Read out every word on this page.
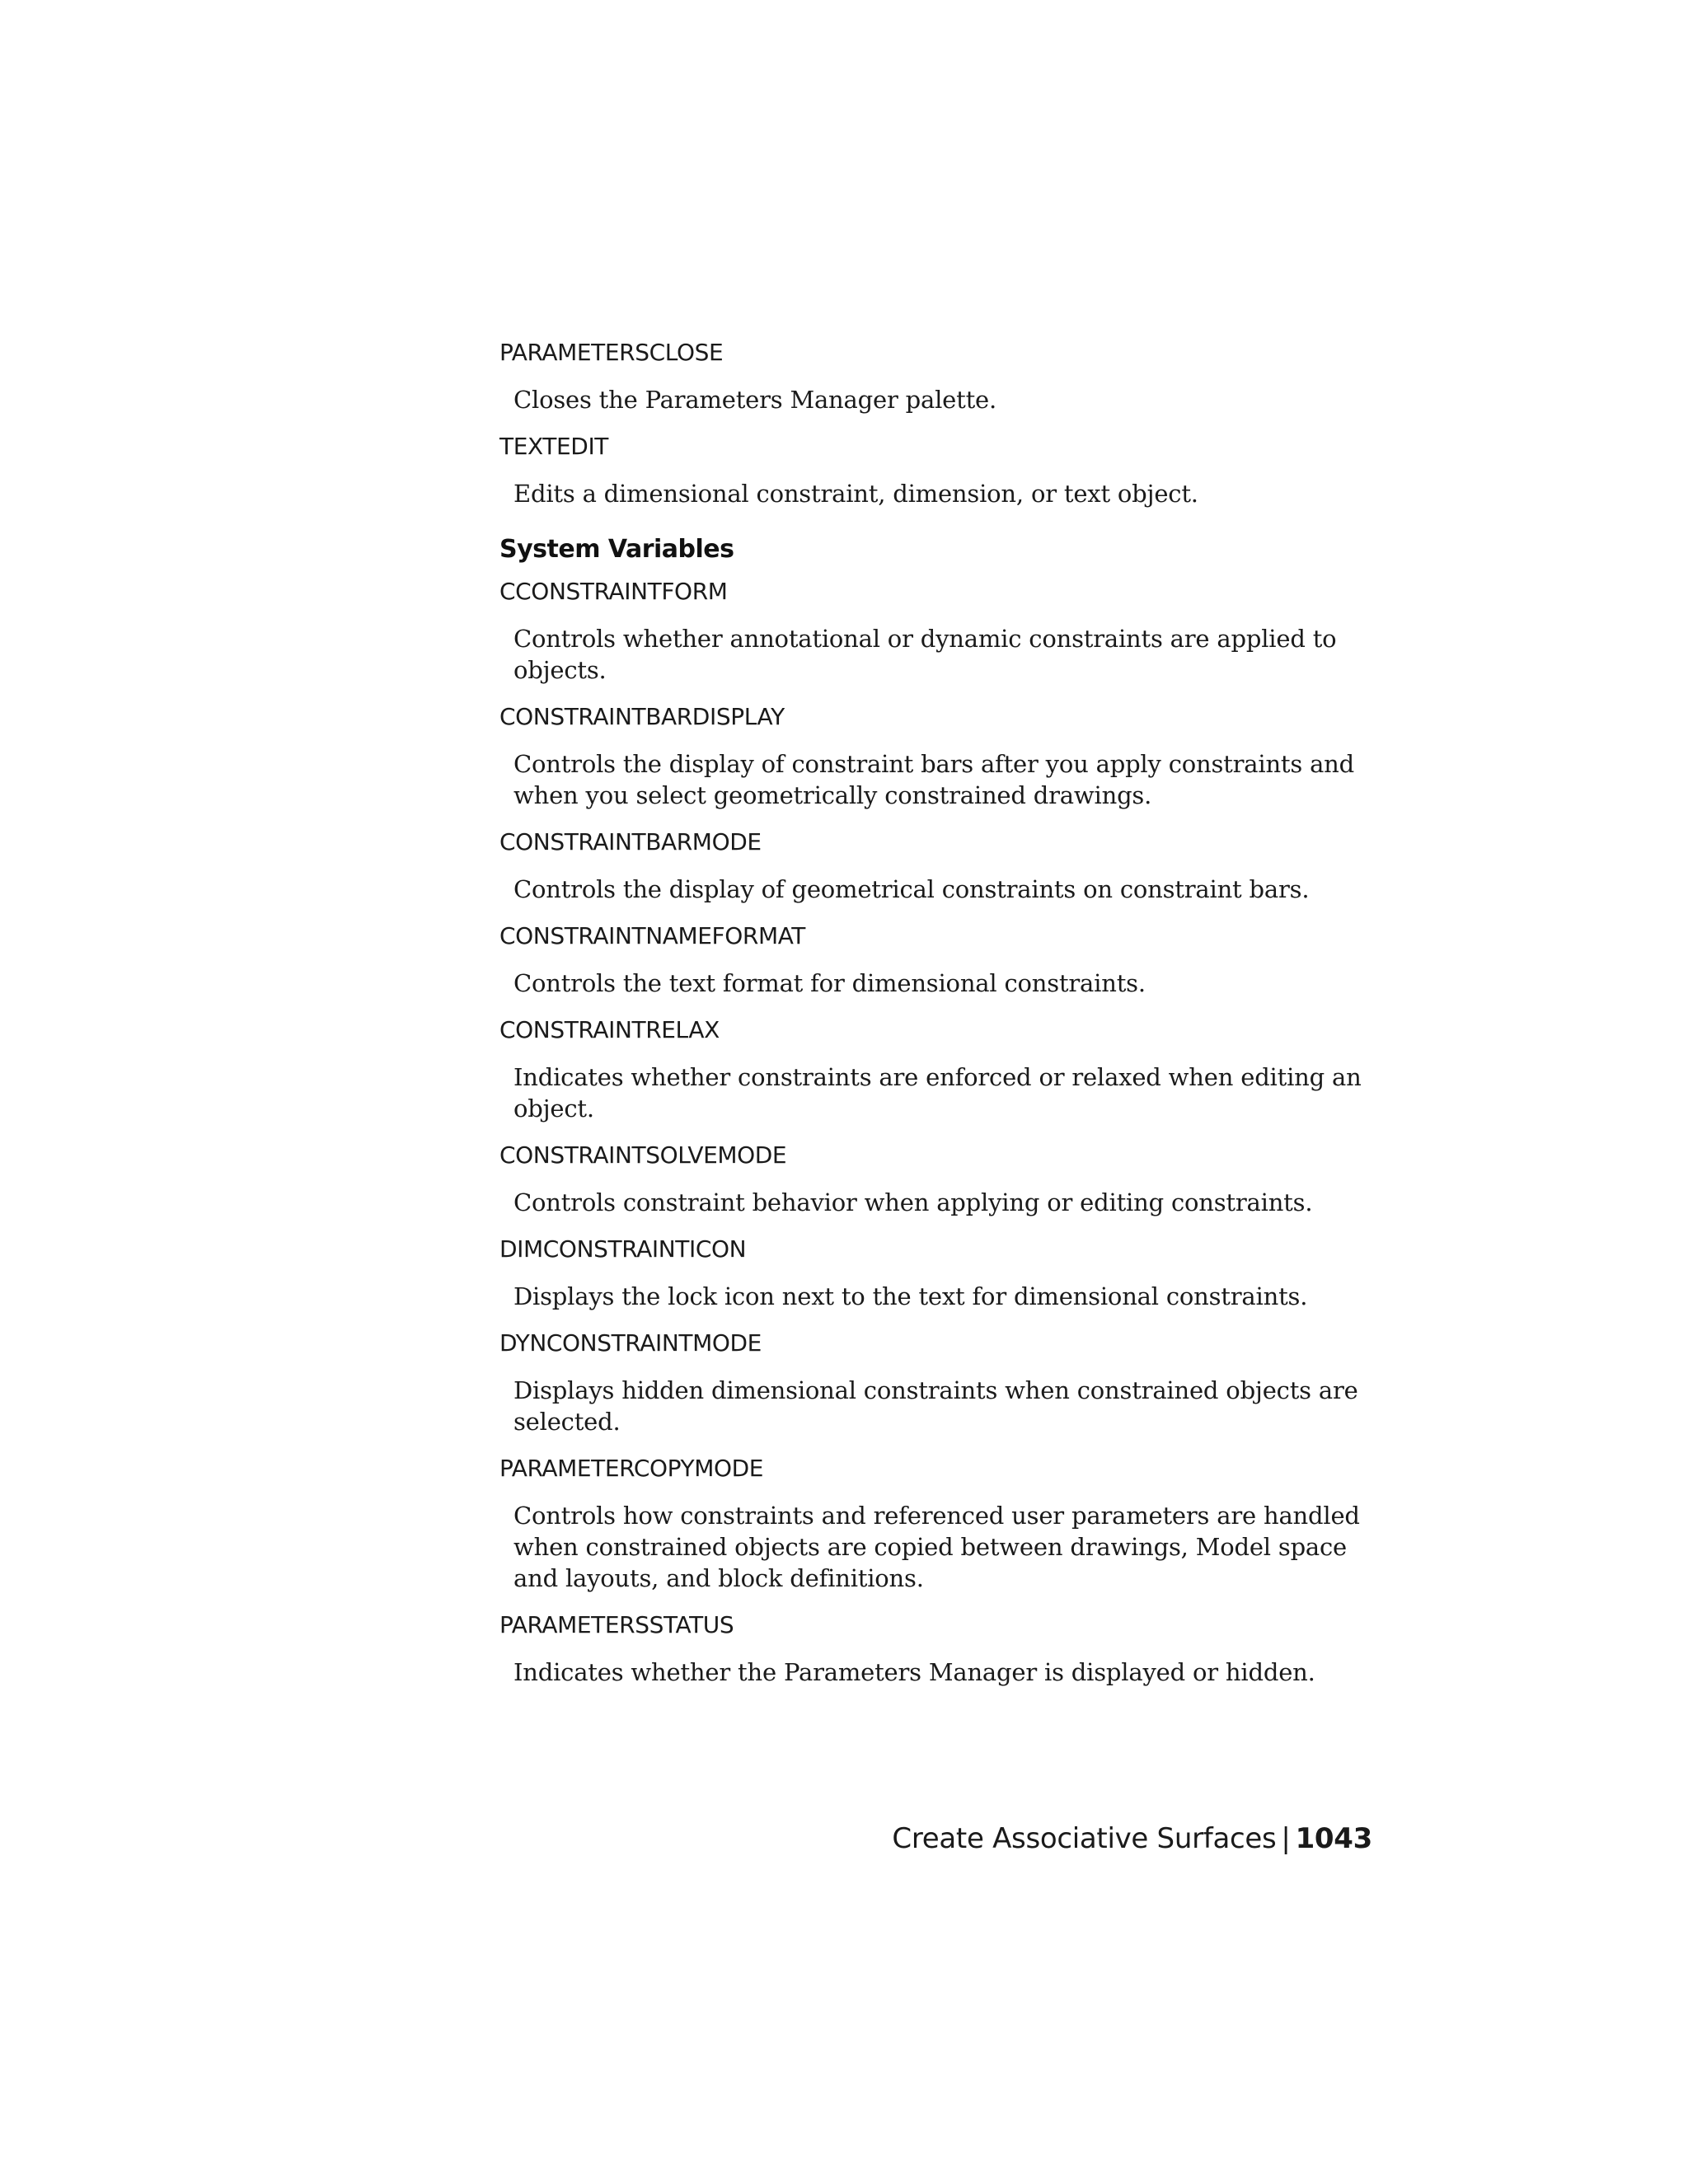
PARAMETERSCLOSE

Closes the Parameters Manager palette.

TEXTEDIT

Edits a dimensional constraint, dimension, or text object.

System Variables

CCONSTRAINTFORM

Controls whether annotational or dynamic constraints are applied to objects.

CONSTRAINTBARDISPLAY

Controls the display of constraint bars after you apply constraints and when you select geometrically constrained drawings.

CONSTRAINTBARMODE

Controls the display of geometrical constraints on constraint bars.

CONSTRAINTNAMEFORMAT

Controls the text format for dimensional constraints.

CONSTRAINTRELAX

Indicates whether constraints are enforced or relaxed when editing an object.

CONSTRAINTSOLVEMODE

Controls constraint behavior when applying or editing constraints.

DIMCONSTRAINTICON

Displays the lock icon next to the text for dimensional constraints.

DYNCONSTRAINTMODE

Displays hidden dimensional constraints when constrained objects are selected.

PARAMETERCOPYMODE

Controls how constraints and referenced user parameters are handled when constrained objects are copied between drawings, Model space and layouts, and block definitions.

PARAMETERSSTATUS

Indicates whether the Parameters Manager is displayed or hidden.

Create Associative Surfaces | 1043
